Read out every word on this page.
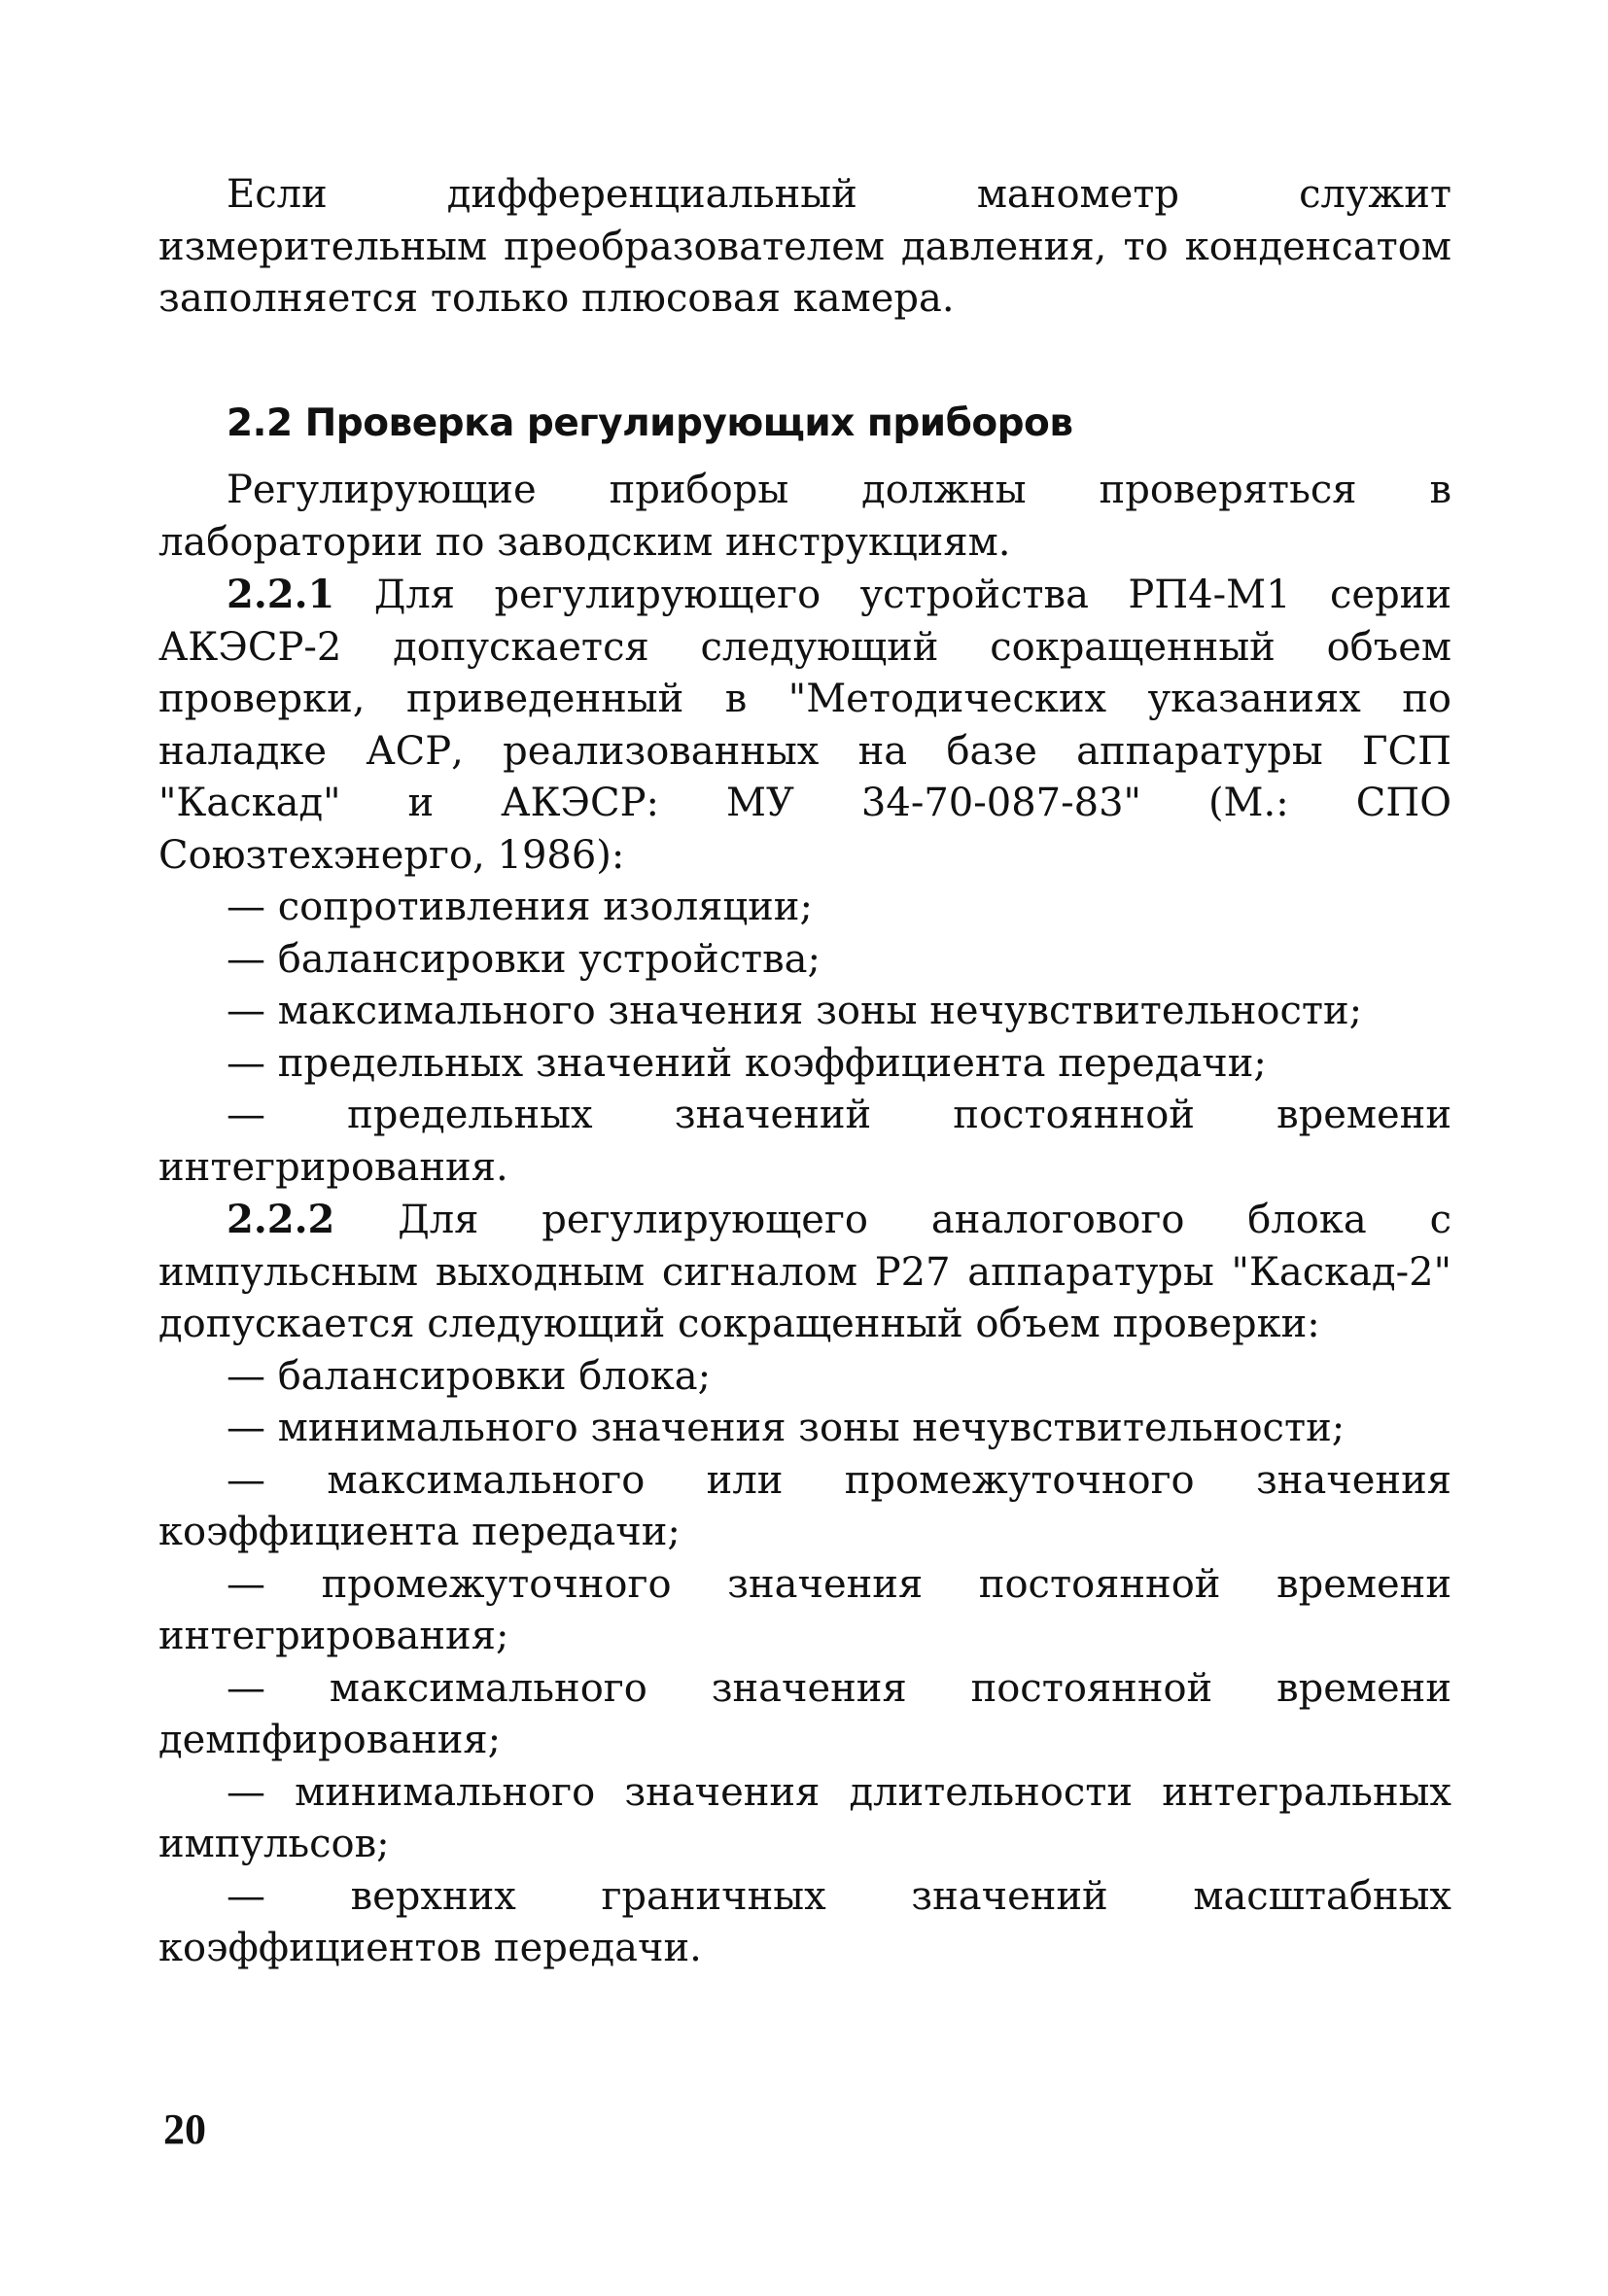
Если дифференциальный манометр служит измерительным преобразователем давления, то конденсатом заполняется только плюсовая камера.

2.2 Проверка регулирующих приборов

Регулирующие приборы должны проверяться в лаборатории по заводским инструкциям.

2.2.1 Для регулирующего устройства РП4-М1 серии АКЭСР-2 допускается следующий сокращенный объем проверки, приведенный в "Методических указаниях по наладке АСР, реализованных на базе аппаратуры ГСП "Каскад" и АКЭСР: МУ 34-70-087-83" (М.: СПО Союзтехэнерго, 1986):

— сопротивления изоляции;

— балансировки устройства;

— максимального значения зоны нечувствительности;

— предельных значений коэффициента передачи;

— предельных значений постоянной времени интегрирования.

2.2.2 Для регулирующего аналогового блока с импульсным выходным сигналом Р27 аппаратуры "Каскад-2" допускается следующий сокращенный объем проверки:

— балансировки блока;

— минимального значения зоны нечувствительности;

— максимального или промежуточного значения коэффициента передачи;

— промежуточного значения постоянной времени интегрирования;

— максимального значения постоянной времени демпфирования;

— минимального значения длительности интегральных импульсов;

— верхних граничных значений масштабных коэффициентов передачи.

20
